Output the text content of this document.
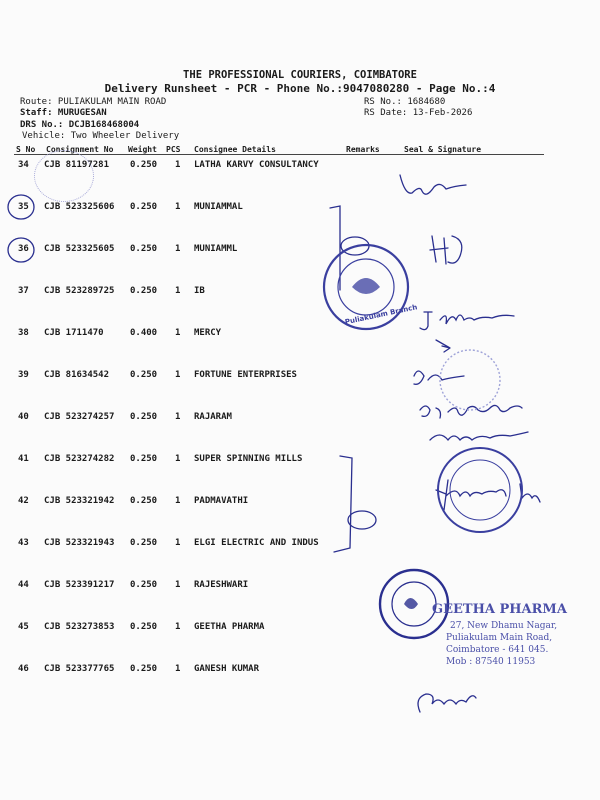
THE PROFESSIONAL COURIERS, COIMBATORE
Delivery Runsheet - PCR - Phone No.:9047080280 - Page No.:4
Route: PULIAKULAM MAIN ROAD
Staff: MURUGESAN
DRS No.: DCJB168468004
Vehicle: Two Wheeler Delivery
RS No.: 1684680
RS Date: 13-Feb-2026
S No Consignment No Weight PCS Consignee Details	Remarks	Seal & Signature
34 CJB 81197281 0.250 1 LATHA KARVY CONSULTANCY
35 CJB 523325606 0.250 1 MUNIAMMAL
36 CJB 523325605 0.250 1 MUNIAMML
37 CJB 523289725 0.250 1 IB
38 CJB 1711470	0.400 1 MERCY
39 CJB 81634542 0.250 1 FORTUNE ENTERPRISES
40 CJB 523274257 0.250 1 RAJARAM
41 CJB 523274282 0.250 1 SUPER SPINNING MILLS
42 CJB 523321942 0.250 1 PADMAVATHI
43 CJB 523321943 0.250 1 ELGI ELECTRIC AND INDUS
44 CJB 523391217 0.250 1 RAJESHWARI
45 CJB 523273853 0.250 1 GEETHA PHARMA
46 CJB 523377765 0.250 1 GANESH KUMAR
Puliakulam Branch
GEETHA PHARMA
27, New Dhamu Nagar,
Puliakulam Main Road,
Coimbatore - 641 045.
Mob : 87540 11953
